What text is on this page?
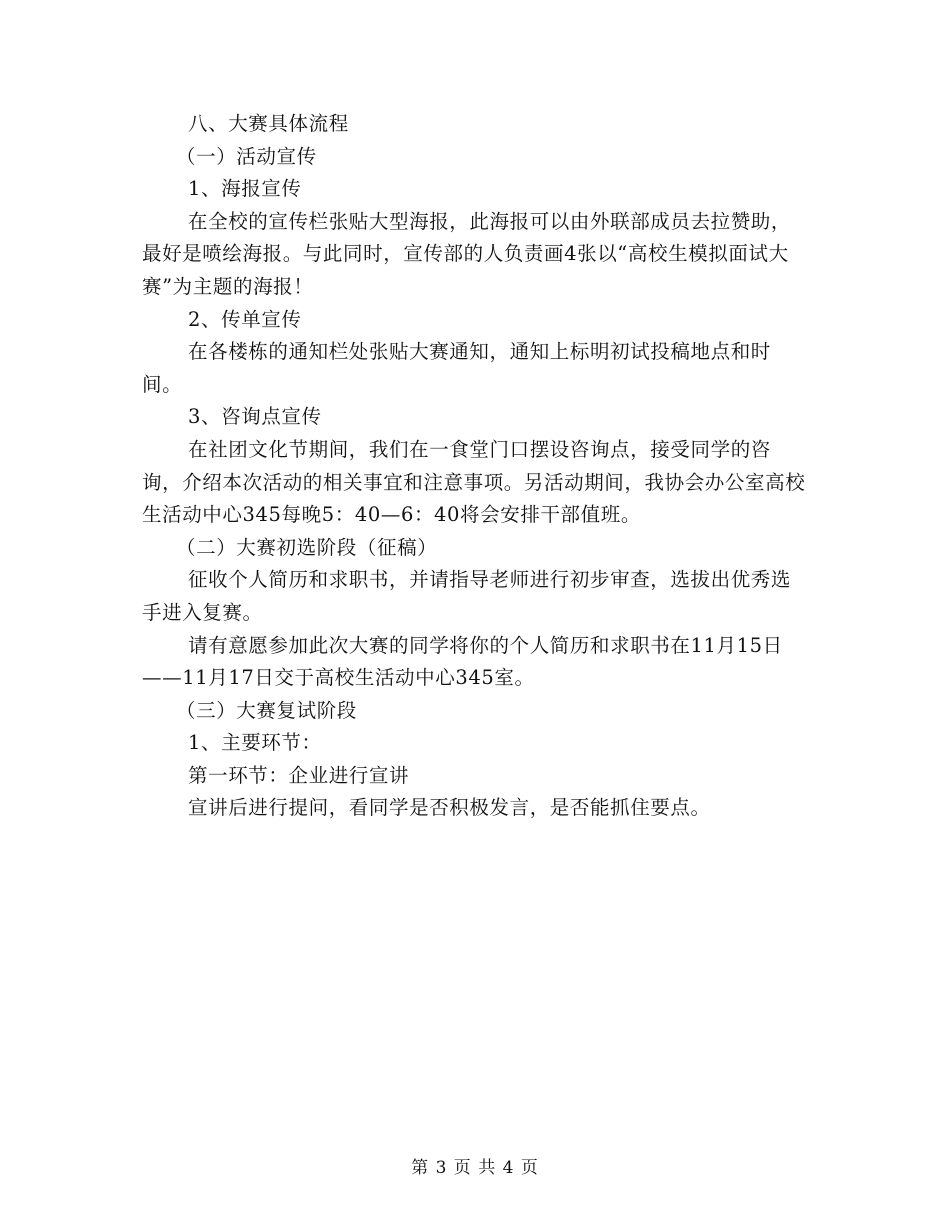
八、大赛具体流程

（一）活动宣传

1、海报宣传

在全校的宣传栏张贴大型海报，此海报可以由外联部成员去拉赞助，最好是喷绘海报。与此同时，宣传部的人负责画4张以“高校生模拟面试大赛”为主题的海报！

2、传单宣传

在各楼栋的通知栏处张贴大赛通知，通知上标明初试投稿地点和时间。

3、咨询点宣传

在社团文化节期间，我们在一食堂门口摆设咨询点，接受同学的咨询，介绍本次活动的相关事宜和注意事项。另活动期间，我协会办公室高校生活动中心345每晚5：40—6：40将会安排干部值班。

（二）大赛初选阶段（征稿）

征收个人简历和求职书，并请指导老师进行初步审查，选拔出优秀选手进入复赛。

请有意愿参加此次大赛的同学将你的个人简历和求职书在11月15日——11月17日交于高校生活动中心345室。

（三）大赛复试阶段

1、主要环节：

第一环节：企业进行宣讲

宣讲后进行提问，看同学是否积极发言，是否能抓住要点。

第 3 页 共 4 页
